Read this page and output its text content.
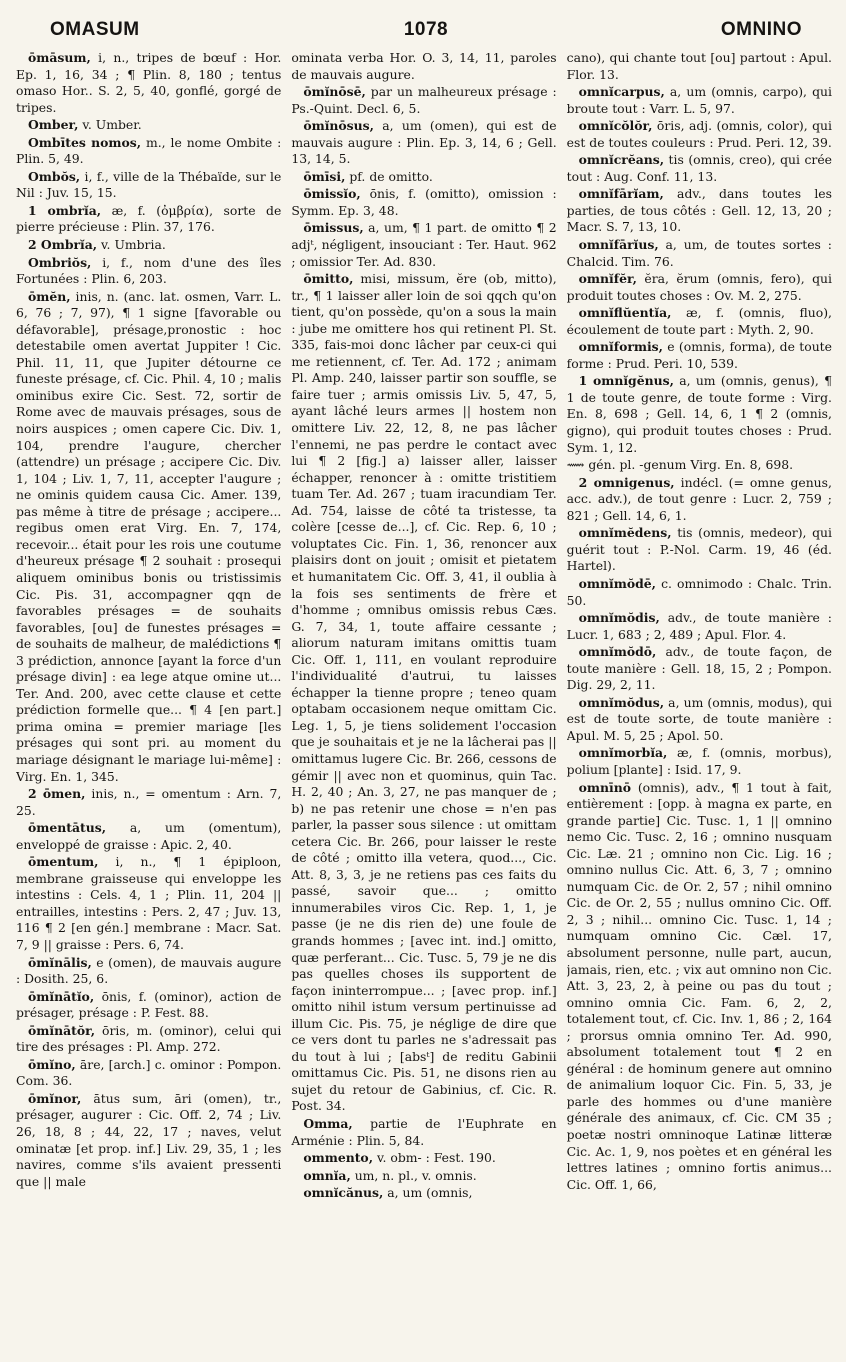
OMASUM	1078	OMNINO

ōmāsum, i, n., tripes de bœuf : Hor. Ep. 1, 16, 34 ; ¶ Plin. 8, 180 ; tentus omaso Hor.. S. 2, 5, 40, gonflé, gorgé de tripes.

Omber, v. Umber.

Ombītes nomos, m., le nome Ombite : Plin. 5, 49.

Ombŏs, i, f., ville de la Thébaïde, sur le Nil : Juv. 15, 15.

1 ombrĭa, æ, f. (ὀμβρία), sorte de pierre précieuse : Plin. 37, 176.

2 Ombrĭa, v. Umbria.

Ombriŏs, i, f., nom d'une des îles Fortunées : Plin. 6, 203.

ōmĕn, inis, n. (anc. lat. osmen, Varr. L. 6, 76 ; 7, 97), ¶ 1 signe [favorable ou défavorable], présage,pronostic : hoc detestabile omen avertat Juppiter ! Cic. Phil. 11, 11, que Jupiter détourne ce funeste présage, cf. Cic. Phil. 4, 10 ; malis ominibus exire Cic. Sest. 72, sortir de Rome avec de mauvais présages, sous de noirs auspices ; omen capere Cic. Div. 1, 104, prendre l'augure, chercher (attendre) un présage ; accipere Cic. Div. 1, 104 ; Liv. 1, 7, 11, accepter l'augure ; ne ominis quidem causa Cic. Amer. 139, pas même à titre de présage ; accipere... regibus omen erat Virg. En. 7, 174, recevoir... était pour les rois une coutume d'heureux présage ¶ 2 souhait : prosequi aliquem ominibus bonis ou tristissimis Cic. Pis. 31, accompagner qqn de favorables présages = de souhaits favorables, [ou] de funestes présages = de souhaits de malheur, de malédictions ¶ 3 prédiction, annonce [ayant la force d'un présage divin] : ea lege atque omine ut... Ter. And. 200, avec cette clause et cette prédiction formelle que... ¶ 4 [en part.] prima omina = premier mariage [les présages qui sont pri. au moment du mariage désignant le mariage lui-même] : Virg. En. 1, 345.

2 ōmen, inis, n., = omentum : Arn. 7, 25.

ōmentātus, a, um (omentum), enveloppé de graisse : Apic. 2, 40.

ōmentum, i, n., ¶ 1 épiploon, membrane graisseuse qui enveloppe les intestins : Cels. 4, 1 ; Plin. 11, 204 || entrailles, intestins : Pers. 2, 47 ; Juv. 13, 116 ¶ 2 [en gén.] membrane : Macr. Sat. 7, 9 || graisse : Pers. 6, 74.

ōmĭnālis, e (omen), de mauvais augure : Dosith. 25, 6.

ōmĭnātĭo, ōnis, f. (ominor), action de présager, présage : P. Fest. 88.

ōmĭnātŏr, ōris, m. (ominor), celui qui tire des présages : Pl. Amp. 272.

ōmĭno, āre, [arch.] c. ominor : Pompon. Com. 36.

ōmĭnor, ātus sum, āri (omen), tr., présager, augurer : Cic. Off. 2, 74 ; Liv. 26, 18, 8 ; 44, 22, 17 ; naves, velut ominatæ [et prop. inf.] Liv. 29, 35, 1 ; les navires, comme s'ils avaient pressenti que || male

ominata verba Hor. O. 3, 14, 11, paroles de mauvais augure.

ōmĭnōsē, par un malheureux présage : Ps.-Quint. Decl. 6, 5.

ōmĭnōsus, a, um (omen), qui est de mauvais augure : Plin. Ep. 3, 14, 6 ; Gell. 13, 14, 5.

ōmīsi, pf. de omitto.

ōmissĭo, ōnis, f. (omitto), omission : Symm. Ep. 3, 48.

ōmissus, a, um, ¶ 1 part. de omitto ¶ 2 adjᵗ, négligent, insouciant : Ter. Haut. 962 ; omissior Ter. Ad. 830.

ōmitto, misi, missum, ĕre (ob, mitto), tr., ¶ 1 laisser aller loin de soi qqch qu'on tient, qu'on possède, qu'on a sous la main : jube me omittere hos qui retinent Pl. St. 335, fais-moi donc lâcher par ceux-ci qui me retiennent, cf. Ter. Ad. 172 ; animam Pl. Amp. 240, laisser partir son souffle, se faire tuer ; armis omissis Liv. 5, 47, 5, ayant lâché leurs armes || hostem non omittere Liv. 22, 12, 8, ne pas lâcher l'ennemi, ne pas perdre le contact avec lui ¶ 2 [fig.] a) laisser aller, laisser échapper, renoncer à : omitte tristitiem tuam Ter. Ad. 267 ; tuam iracundiam Ter. Ad. 754, laisse de côté ta tristesse, ta colère [cesse de...], cf. Cic. Rep. 6, 10 ; voluptates Cic. Fin. 1, 36, renoncer aux plaisirs dont on jouit ; omisit et pietatem et humanitatem Cic. Off. 3, 41, il oublia à la fois ses sentiments de frère et d'homme ; omnibus omissis rebus Cæs. G. 7, 34, 1, toute affaire cessante ; aliorum naturam imitans omittis tuam Cic. Off. 1, 111, en voulant reproduire l'individualité d'autrui, tu laisses échapper la tienne propre ; teneo quam optabam occasionem neque omittam Cic. Leg. 1, 5, je tiens solidement l'occasion que je souhaitais et je ne la lâcherai pas || omittamus lugere Cic. Br. 266, cessons de gémir || avec non et quominus, quin Tac. H. 2, 40 ; An. 3, 27, ne pas manquer de ; b) ne pas retenir une chose = n'en pas parler, la passer sous silence : ut omittam cetera Cic. Br. 266, pour laisser le reste de côté ; omitto illa vetera, quod..., Cic. Att. 8, 3, 3, je ne retiens pas ces faits du passé, savoir que... ; omitto innumerabiles viros Cic. Rep. 1, 1, je passe (je ne dis rien de) une foule de grands hommes ; [avec int. ind.] omitto, quæ perferant... Cic. Tusc. 5, 79 je ne dis pas quelles choses ils supportent de façon ininterrompue... ; [avec prop. inf.] omitto nihil istum versum pertinuisse ad illum Cic. Pis. 75, je néglige de dire que ce vers dont tu parles ne s'adressait pas du tout à lui ; [absᵗ] de reditu Gabinii omittamus Cic. Pis. 51, ne disons rien au sujet du retour de Gabinius, cf. Cic. R. Post. 34.

Omma, partie de l'Euphrate en Arménie : Plin. 5, 84.

ommento, v. obm- : Fest. 190.

omnĭa, um, n. pl., v. omnis.

omnĭcănus, a, um (omnis,

cano), qui chante tout [ou] partout : Apul. Flor. 13.

omnĭcarpus, a, um (omnis, carpo), qui broute tout : Varr. L. 5, 97.

omnĭcŏlŏr, ōris, adj. (omnis, color), qui est de toutes couleurs : Prud. Peri. 12, 39.

omnĭcrĕans, tis (omnis, creo), qui crée tout : Aug. Conf. 11, 13.

omnĭfārĭam, adv., dans toutes les parties, de tous côtés : Gell. 12, 13, 20 ; Macr. S. 7, 13, 10.

omnĭfārĭus, a, um, de toutes sortes : Chalcid. Tim. 76.

omnĭfĕr, ĕra, ĕrum (omnis, fero), qui produit toutes choses : Ov. M. 2, 275.

omnĭflŭentĭa, æ, f. (omnis, fluo), écoulement de toute part : Myth. 2, 90.

omnĭformis, e (omnis, forma), de toute forme : Prud. Peri. 10, 539.

1 omnĭgĕnus, a, um (omnis, genus), ¶ 1 de toute genre, de toute forme : Virg. En. 8, 698 ; Gell. 14, 6, 1 ¶ 2 (omnis, gigno), qui produit toutes choses : Prud. Sym. 1, 12.

⟿ gén. pl. -genum Virg. En. 8, 698.

2 omnigenus, indécl. (= omne genus, acc. adv.), de tout genre : Lucr. 2, 759 ; 821 ; Gell. 14, 6, 1.

omnĭmĕdens, tis (omnis, medeor), qui guérit tout : P.-Nol. Carm. 19, 46 (éd. Hartel).

omnĭmŏdē, c. omnimodo : Chalc. Trin. 50.

omnĭmŏdis, adv., de toute manière : Lucr. 1, 683 ; 2, 489 ; Apul. Flor. 4.

omnĭmŏdō, adv., de toute façon, de toute manière : Gell. 18, 15, 2 ; Pompon. Dig. 29, 2, 11.

omnĭmŏdus, a, um (omnis, modus), qui est de toute sorte, de toute manière : Apul. M. 5, 25 ; Apol. 50.

omnĭmorbĭa, æ, f. (omnis, morbus), polium [plante] : Isid. 17, 9.

omnīnō (omnis), adv., ¶ 1 tout à fait, entièrement : [opp. à magna ex parte, en grande partie] Cic. Tusc. 1, 1 || omnino nemo Cic. Tusc. 2, 16 ; omnino nusquam Cic. Læ. 21 ; omnino non Cic. Lig. 16 ; omnino nullus Cic. Att. 6, 3, 7 ; omnino numquam Cic. de Or. 2, 57 ; nihil omnino Cic. de Or. 2, 55 ; nullus omnino Cic. Off. 2, 3 ; nihil... omnino Cic. Tusc. 1, 14 ; numquam omnino Cic. Cæl. 17, absolument personne, nulle part, aucun, jamais, rien, etc. ; vix aut omnino non Cic. Att. 3, 23, 2, à peine ou pas du tout ; omnino omnia Cic. Fam. 6, 2, 2, totalement tout, cf. Cic. Inv. 1, 86 ; 2, 164 ; prorsus omnia omnino Ter. Ad. 990, absolument totalement tout ¶ 2 en général : de hominum genere aut omnino de animalium loquor Cic. Fin. 5, 33, je parle des hommes ou d'une manière générale des animaux, cf. Cic. CM 35 ; poetæ nostri omninoque Latinæ litteræ Cic. Ac. 1, 9, nos poètes et en général les lettres latines ; omnino fortis animus... Cic. Off. 1, 66,
